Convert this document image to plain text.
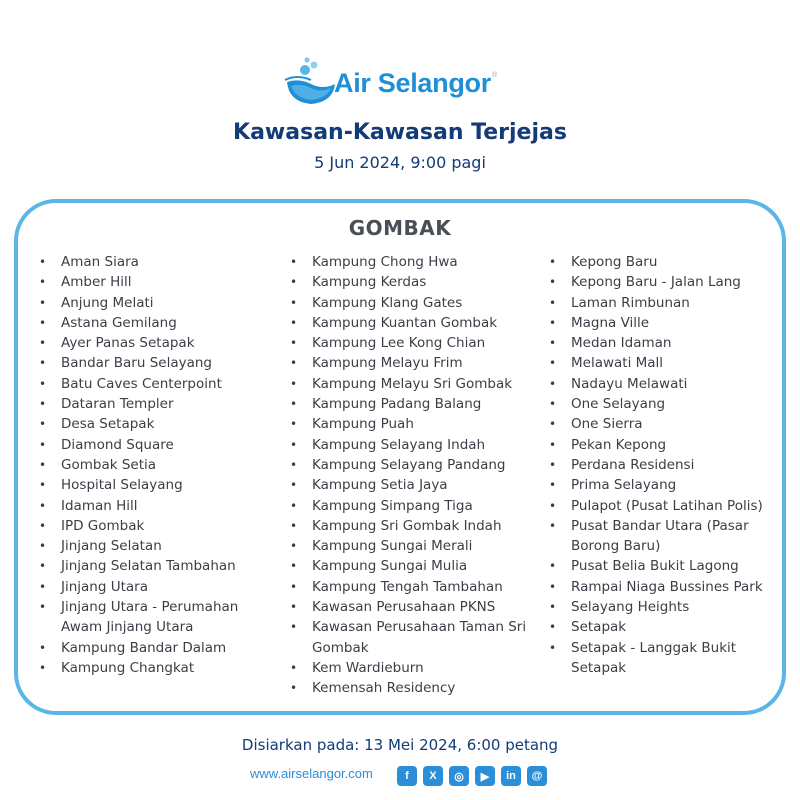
Air Selangor®
Kawasan-Kawasan Terjejas
5 Jun 2024, 9:00 pagi
GOMBAK
• Aman Siara
• Amber Hill
• Anjung Melati
• Astana Gemilang
• Ayer Panas Setapak
• Bandar Baru Selayang
• Batu Caves Centerpoint
• Dataran Templer
• Desa Setapak
• Diamond Square
• Gombak Setia
• Hospital Selayang
• Idaman Hill
• IPD Gombak
• Jinjang Selatan
• Jinjang Selatan Tambahan
• Jinjang Utara
• Jinjang Utara - Perumahan Awam Jinjang Utara
• Kampung Bandar Dalam
• Kampung Changkat
• Kampung Chong Hwa
• Kampung Kerdas
• Kampung Klang Gates
• Kampung Kuantan Gombak
• Kampung Lee Kong Chian
• Kampung Melayu Frim
• Kampung Melayu Sri Gombak
• Kampung Padang Balang
• Kampung Puah
• Kampung Selayang Indah
• Kampung Selayang Pandang
• Kampung Setia Jaya
• Kampung Simpang Tiga
• Kampung Sri Gombak Indah
• Kampung Sungai Merali
• Kampung Sungai Mulia
• Kampung Tengah Tambahan
• Kawasan Perusahaan PKNS
• Kawasan Perusahaan Taman Sri Gombak
• Kem Wardieburn
• Kemensah Residency
• Kepong Baru
• Kepong Baru - Jalan Lang
• Laman Rimbunan
• Magna Ville
• Medan Idaman
• Melawati Mall
• Nadayu Melawati
• One Selayang
• One Sierra
• Pekan Kepong
• Perdana Residensi
• Prima Selayang
• Pulapot (Pusat Latihan Polis)
• Pusat Bandar Utara (Pasar Borong Baru)
• Pusat Belia Bukit Lagong
• Rampai Niaga Bussines Park
• Selayang Heights
• Setapak
• Setapak - Langgak Bukit Setapak
Disiarkan pada: 13 Mei 2024, 6:00 petang
www.airselangor.com	f	X	◎	▶	in	@
